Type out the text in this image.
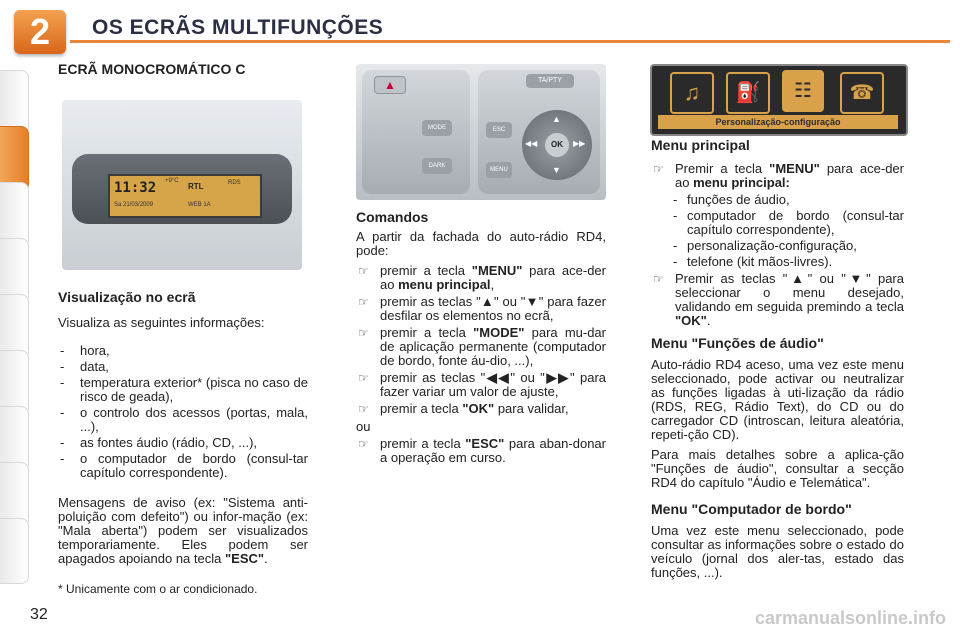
2	OS ECRÃS MULTIFUNÇÕES

ECRÃ MONOCROMÁTICO C

11:32 +9°C
RTL	RDS
Sa 21/03/2009	WEB 1A

Visualização no ecrã

Visualiza as seguintes informações:

- hora,
- data,
- temperatura exterior* (pisca no caso de risco de geada),
- o controlo dos acessos (portas, mala, ...),
- as fontes áudio (rádio, CD, ...),
- o computador de bordo (consul-tar capítulo correspondente).

Mensagens de aviso (ex: "Sistema anti-poluição com defeito") ou infor-mação (ex: "Mala aberta") podem ser visualizados temporariamente. Eles podem ser apagados apoiando na tecla "ESC".

* Unicamente com o ar condicionado.

▲
MODE
DARK
TA/PTY
ESC
MENU
OK
▲
▼
◀◀	▶▶

Comandos

A partir da fachada do auto-rádio RD4, pode:

☞ premir a tecla "MENU" para ace-der ao menu principal,
☞ premir as teclas "▲" ou "▼" para fazer desfilar os elementos no ecrã,
☞ premir a tecla "MODE" para mu-dar de aplicação permanente (computador de bordo, fonte áu-dio, ...),
☞ premir as teclas "◀◀" ou "▶▶" para fazer variar um valor de ajuste,
☞ premir a tecla "OK" para validar,

ou

☞ premir a tecla "ESC" para aban-donar a operação em curso.
♫	⛽	☷	☎
Personalização-configuração

Menu principal

☞ Premir a tecla "MENU" para ace-der ao menu principal:
- funções de áudio,
- computador de bordo (consul-tar capítulo correspondente),
- personalização-configuração,
- telefone (kit mãos-livres).
☞ Premir as teclas "▲" ou "▼" para seleccionar o menu desejado, validando em seguida premindo a tecla "OK".

Menu "Funções de áudio"

Auto-rádio RD4 aceso, uma vez este menu seleccionado, pode activar ou neutralizar as funções ligadas à uti-lização da rádio (RDS, REG, Rádio Text), do CD ou do carregador CD (introscan, leitura aleatória, repeti-ção CD).

Para mais detalhes sobre a aplica-ção "Funções de áudio", consultar a secção RD4 do capítulo "Áudio e Telemática".

Menu "Computador de bordo"

Uma vez este menu seleccionado, pode consultar as informações sobre o estado do veículo (jornal dos aler-tas, estado das funções, ...).

32	carmanualsonline.info
